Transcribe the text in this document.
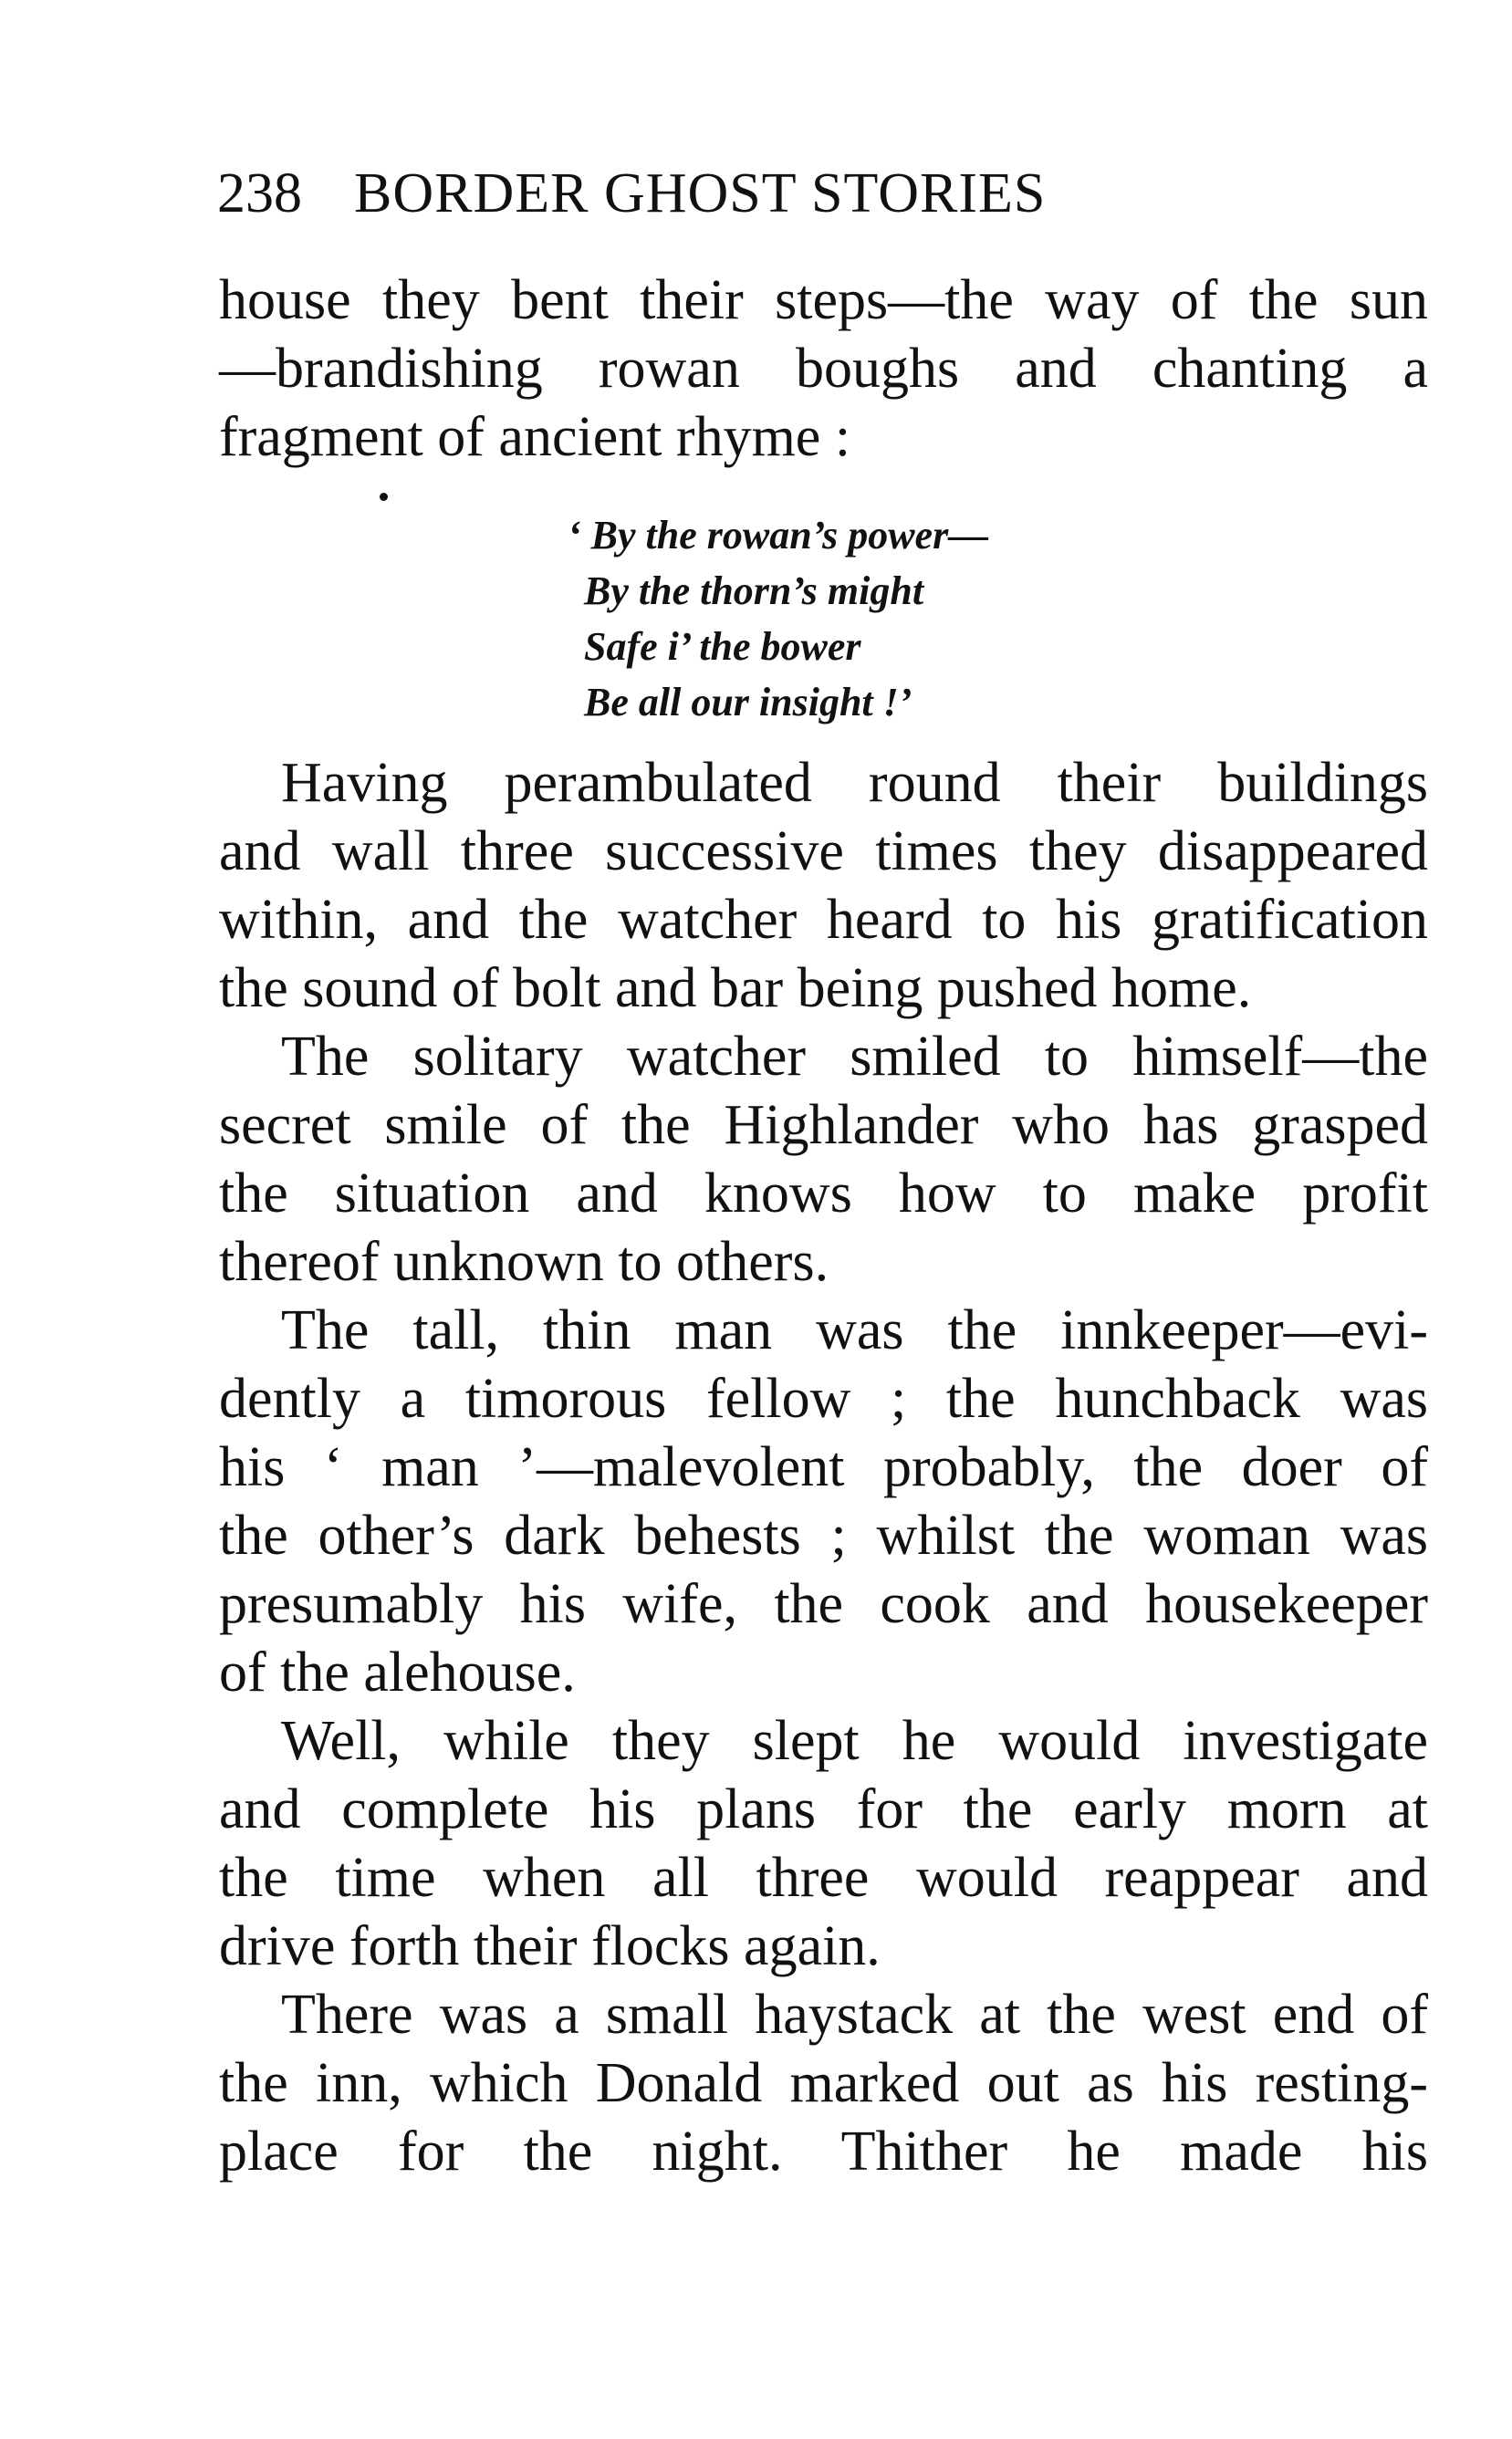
238 BORDER GHOST STORIES

house they bent their steps—the way of the sun

—brandishing rowan boughs and chanting a

fragment of ancient rhyme :

Having perambulated round their buildings

and wall three successive times they disappeared

within, and the watcher heard to his gratification

the sound of bolt and bar being pushed home.

The solitary watcher smiled to himself—the

secret smile of the Highlander who has grasped

the situation and knows how to make profit

thereof unknown to others.

The tall, thin man was the innkeeper—evi-

dently a timorous fellow ; the hunchback was

his ‘ man ’—malevolent probably, the doer of

the other’s dark behests ; whilst the woman was

presumably his wife, the cook and housekeeper

of the alehouse.

Well, while they slept he would investigate

and complete his plans for the early morn at

the time when all three would reappear and

drive forth their flocks again.

There was a small haystack at the west end of

the inn, which Donald marked out as his resting-

place for the night. Thither he made his

‘ By the rowan’s power—
By the thorn’s might
Safe i’ the bower
Be all our insight !’
